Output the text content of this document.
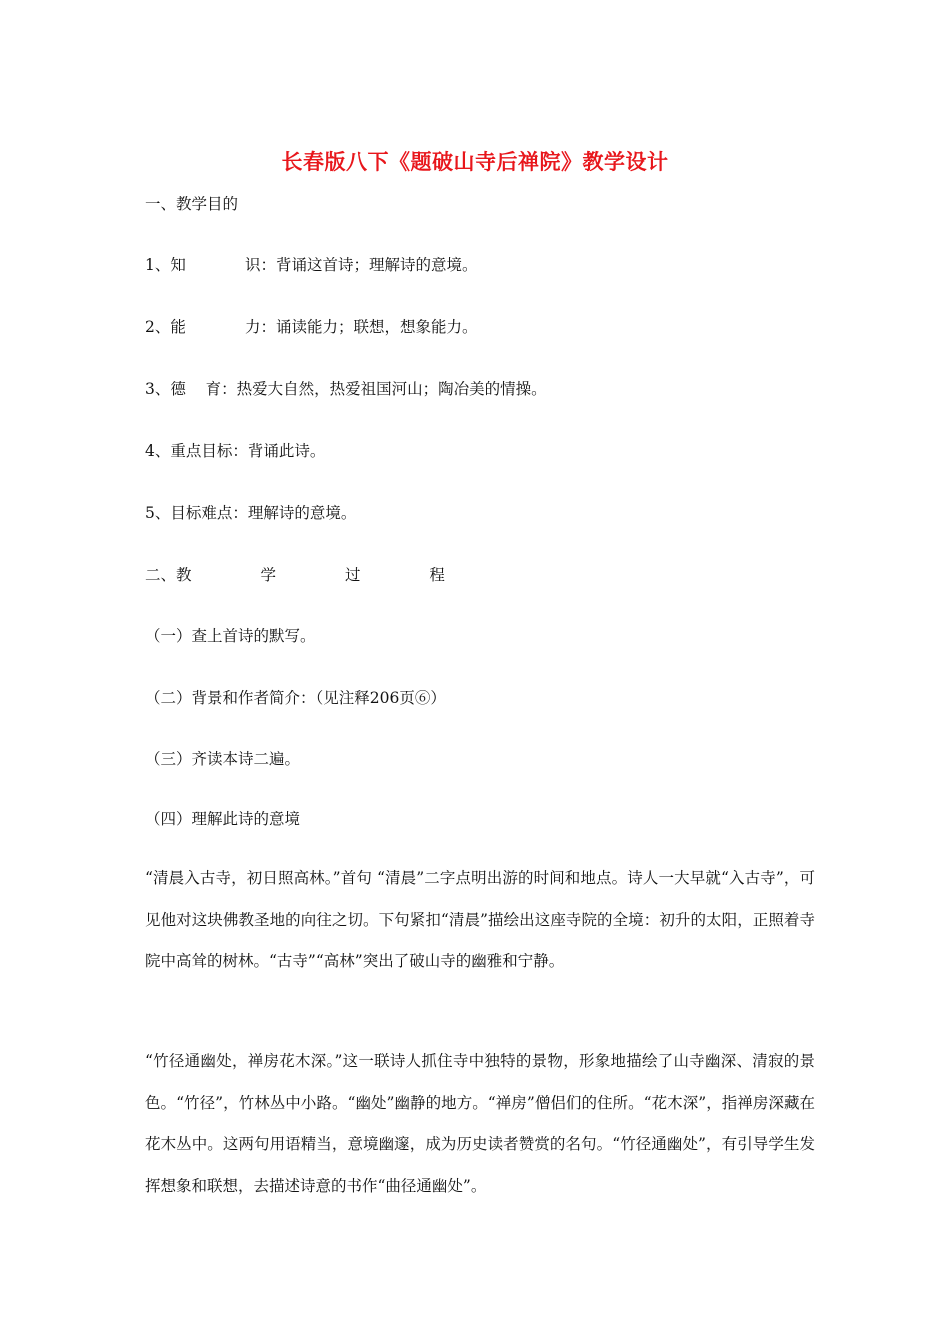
长春版八下《题破山寺后禅院》教学设计
一、教学目的
1、知            识：背诵这首诗；理解诗的意境。
2、能            力：诵读能力；联想，想象能力。
3、德    育：热爱大自然，热爱祖国河山；陶冶美的情操。
4、重点目标：背诵此诗。
5、目标难点：理解诗的意境。
二、教              学              过              程
（一）查上首诗的默写。
（二）背景和作者简介：（见注释206页⑥）
（三）齐读本诗二遍。
（四）理解此诗的意境
“清晨入古寺，初日照高林。”首句 “清晨”二字点明出游的时间和地点。诗人一大早就“入古寺”，可见他对这块佛教圣地的向往之切。下句紧扣“清晨”描绘出这座寺院的全境：初升的太阳，正照着寺院中高耸的树林。“古寺”“高林”突出了破山寺的幽雅和宁静。
“竹径通幽处，禅房花木深。”这一联诗人抓住寺中独特的景物，形象地描绘了山寺幽深、清寂的景色。“竹径”，竹林丛中小路。“幽处”幽静的地方。“禅房”僧侣们的住所。“花木深”，指禅房深藏在花木丛中。这两句用语精当，意境幽邃，成为历史读者赞赏的名句。“竹径通幽处”，有引导学生发挥想象和联想，去描述诗意的书作“曲径通幽处”。
